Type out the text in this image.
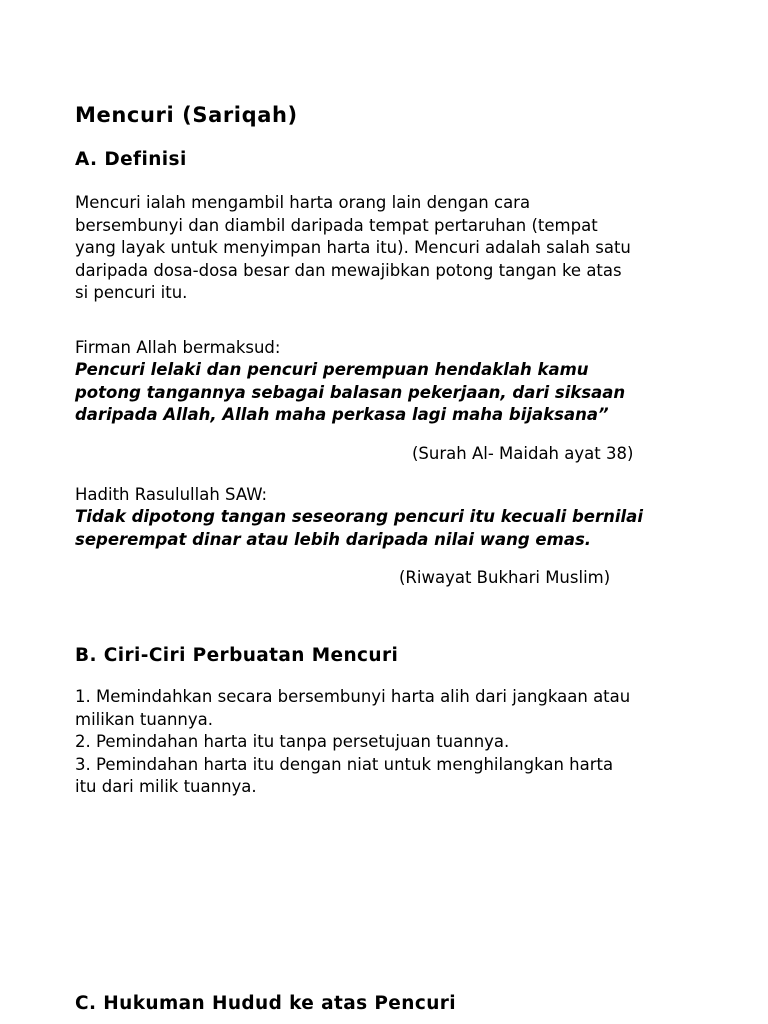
Mencuri (Sariqah)
A. Definisi

Mencuri ialah mengambil harta orang lain dengan cara
bersembunyi dan diambil daripada tempat pertaruhan (tempat
yang layak untuk menyimpan harta itu). Mencuri adalah salah satu
daripada dosa-dosa besar dan mewajibkan potong tangan ke atas
si pencuri itu.

Firman Allah bermaksud:

Pencuri lelaki dan pencuri perempuan hendaklah kamu
potong tangannya sebagai balasan pekerjaan, dari siksaan
daripada Allah, Allah maha perkasa lagi maha bijaksana”

(Surah Al- Maidah ayat 38)

Hadith Rasulullah SAW:

Tidak dipotong tangan seseorang pencuri itu kecuali bernilai
seperempat dinar atau lebih daripada nilai wang emas.

(Riwayat Bukhari Muslim)

B. Ciri-Ciri Perbuatan Mencuri

1. Memindahkan secara bersembunyi harta alih dari jangkaan atau
milikan tuannya.
2. Pemindahan harta itu tanpa persetujuan tuannya.
3. Pemindahan harta itu dengan niat untuk menghilangkan harta
itu dari milik tuannya.

C. Hukuman Hudud ke atas Pencuri
